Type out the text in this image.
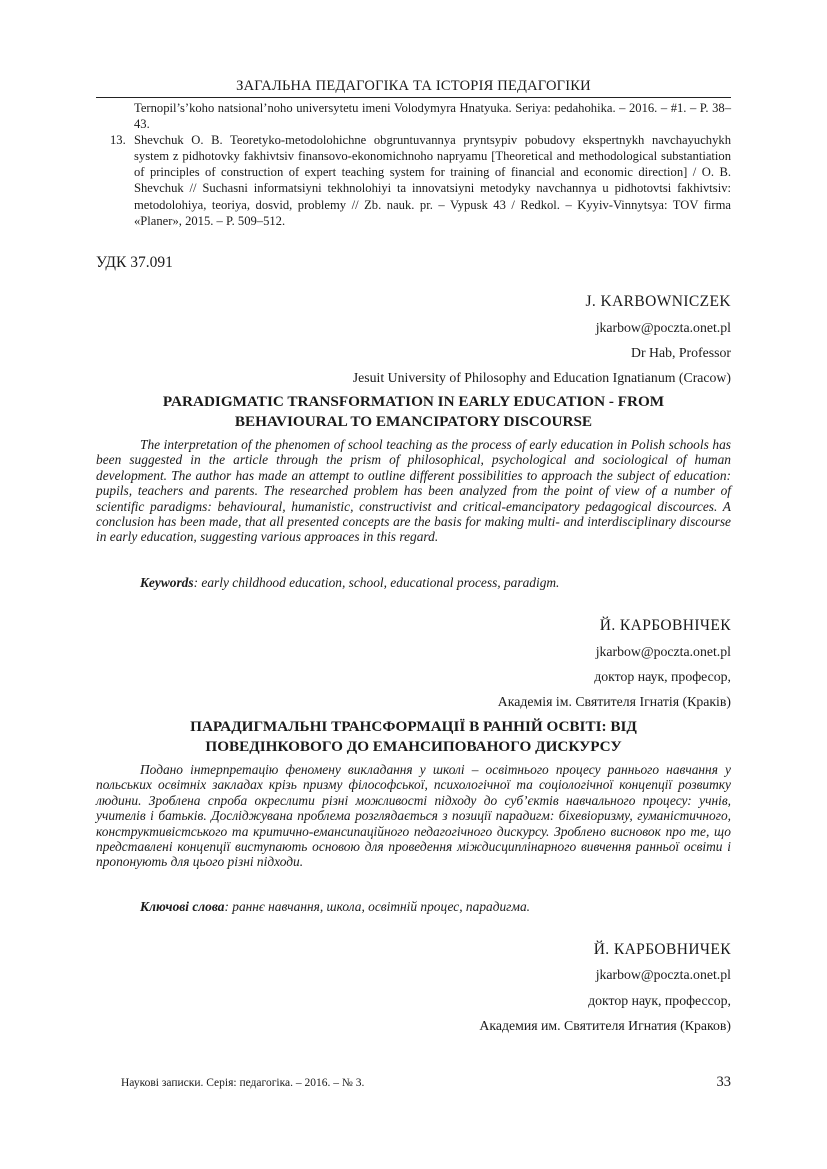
ЗАГАЛЬНА ПЕДАГОГІКА ТА ІСТОРІЯ ПЕДАГОГІКИ
Ternopil’s’koho natsional’noho universytetu imeni Volodymyra Hnatyuka. Seriya: pedahohika. – 2016. – #1. – P. 38–43.
13. Shevchuk O. B. Teoretyko-metodolohichne obgruntuvannya pryntsypiv pobudovy ekspertnykh navchayuchykh system z pidhotovky fakhivtsiv finansovo-ekonomichnoho napryamu [Theoretical and methodological substantiation of principles of construction of expert teaching system for training of financial and economic direction] / O. B. Shevchuk // Suchasni informatsiyni tekhnolohiyi ta innovatsiyni metodyky navchannya u pidhotovtsi fakhivtsiv: metodolohiya, teoriya, dosvid, problemy // Zb. nauk. pr. – Vypusk 43 / Redkol. – Kyyiv-Vinnytsya: TOV firma «Planer», 2015. – P. 509–512.
УДК 37.091
J. KARBOWNICZEK
jkarbow@poczta.onet.pl
Dr Hab, Professor
Jesuit University of Philosophy and Education Ignatianum (Cracow)
PARADIGMATIC TRANSFORMATION IN EARLY EDUCATION - FROM
BEHAVIOURAL TO EMANCIPATORY DISCOURSE
The interpretation of the phenomen of school teaching as the process of early education in Polish schools has been suggested in the article through the prism of philosophical, psychological and sociological of human development. The author has made an attempt to outline different possibilities to approach the subject of education: pupils, teachers and parents. The researched problem has been analyzed from the point of view of a number of scientific paradigms: behavioural, humanistic, constructivist and critical-emancipatory pedagogical discources. A conclusion has been made, that all presented concepts are the basis for making multi- and interdisciplinary discourse in early education, suggesting various approaces in this regard.
Keywords: early childhood education, school, educational process, paradigm.
Й. КАРБОВНІЧЕК
jkarbow@poczta.onet.pl
доктор наук, професор,
Академія ім. Святителя Ігнатія (Краків)
ПАРАДИГМАЛЬНІ ТРАНСФОРМАЦІЇ В РАННІЙ ОСВІТІ: ВІД
ПОВЕДІНКОВОГО ДО ЕМАНСИПОВАНОГО ДИСКУРСУ
Подано інтерпретацію феномену викладання у школі – освітнього процесу раннього навчання у польських освітніх закладах крізь призму філософської, психологічної та соціологічної концепції розвитку людини. Зроблена спроба окреслити різні можливості підходу до суб’єктів навчального процесу: учнів, учителів і батьків. Досліджувана проблема розглядається з позиції парадигм: біхевіоризму, гуманістичного, конструктивістського та критично-емансипаційного педагогічного дискурсу. Зроблено висновок про те, що представлені концепції виступають основою для проведення міждисциплінарного вивчення ранньої освіти і пропонують для цього різні підходи.
Ключові слова: раннє навчання, школа, освітній процес, парадигма.
Й. КАРБОВНИЧЕК
jkarbow@poczta.onet.pl
доктор наук, профессор,
Академия им. Святителя Игнатия (Краков)
Наукові записки. Серія: педагогіка. – 2016. – № 3.	33
